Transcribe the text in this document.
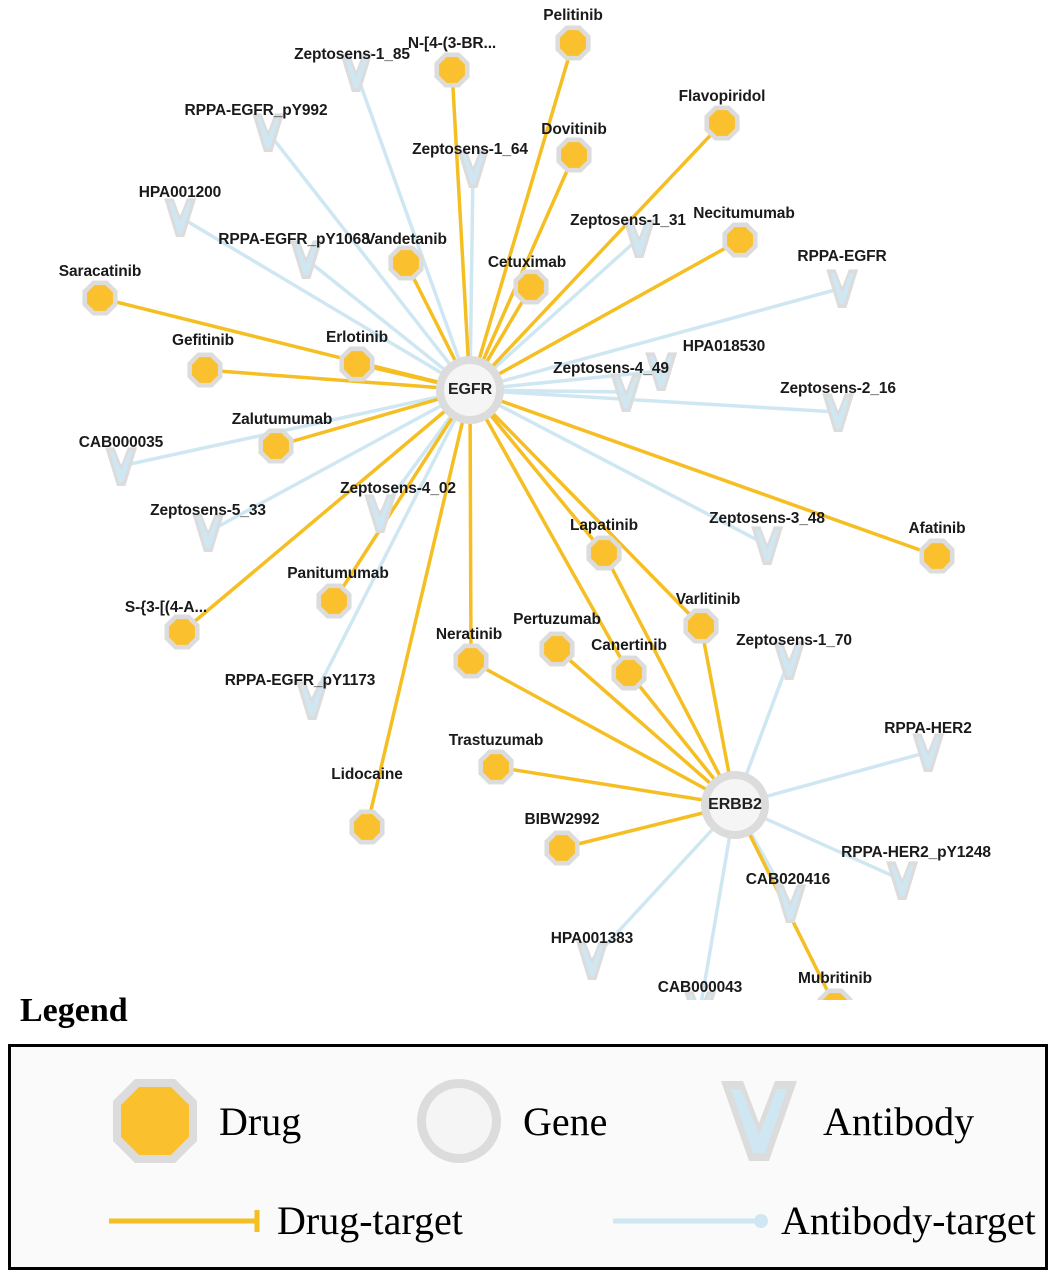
Pelitinib
N-[4-(3-BR...
Flavopiridol
Dovitinib
Necitumumab
Vandetanib
Cetuximab
Saracatinib
Gefitinib	Erlotinib
Zalutumumab
Afatinib
Lapatinib
Varlitinib
Panitumumab
S-{3-[(4-A...
Pertuzumab
Neratinib
Canertinib
Trastuzumab
Lidocaine
BIBW2992
Mubritinib
Zeptosens-1_85
RPPA-EGFR_pY992
Zeptosens-1_64
HPA001200
Zeptosens-1_31
RPPA-EGFR_pY1068
RPPA-EGFR
HPA018530
Zeptosens-4_49
Zeptosens-2_16
CAB000035
Zeptosens-5_33
Zeptosens-4_02
Zeptosens-3_48
Zeptosens-1_70
RPPA-EGFR_pY1173
RPPA-HER2
RPPA-HER2_pY1248
CAB020416
HPA001383
CAB000043
EGFR
ERBB2
Legend
Drug	Gene	Antibody
Drug-target	Antibody-target
